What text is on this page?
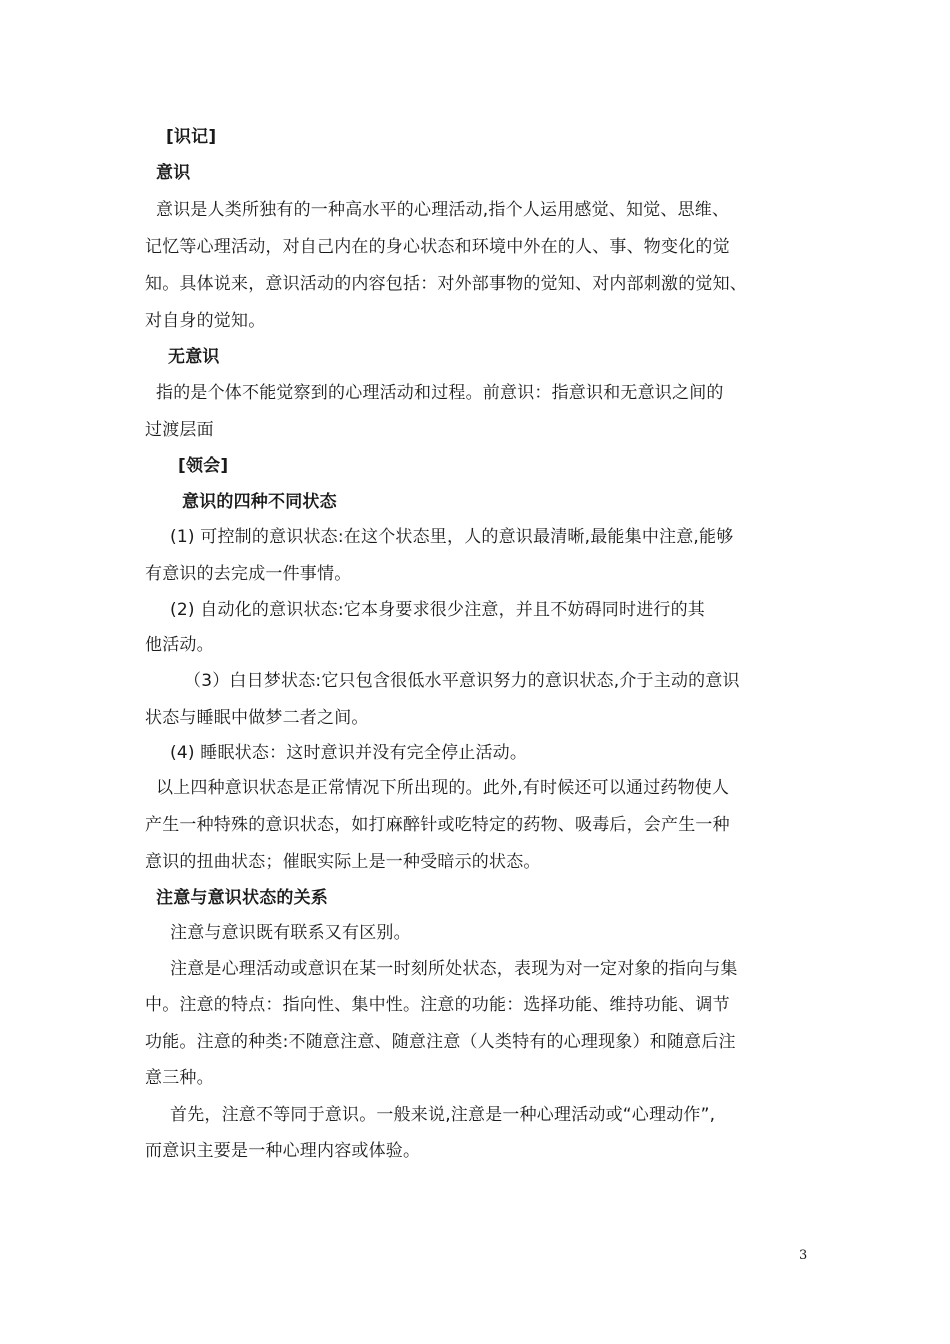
[识记]
意识
意识是人类所独有的一种高水平的心理活动,指个人运用感觉、知觉、思维、
记忆等心理活动，对自己内在的身心状态和环境中外在的人、事、物变化的觉
知。具体说来，意识活动的内容包括：对外部事物的觉知、对内部刺激的觉知、
对自身的觉知。
无意识
指的是个体不能觉察到的心理活动和过程。前意识：指意识和无意识之间的
过渡层面
[领会]
意识的四种不同状态
(1) 可控制的意识状态:在这个状态里，人的意识最清晰,最能集中注意,能够
有意识的去完成一件事情。
(2) 自动化的意识状态:它本身要求很少注意，并且不妨碍同时进行的其
他活动。
（3）白日梦状态:它只包含很低水平意识努力的意识状态,介于主动的意识
状态与睡眠中做梦二者之间。
(4) 睡眠状态：这时意识并没有完全停止活动。
以上四种意识状态是正常情况下所出现的。此外,有时候还可以通过药物使人
产生一种特殊的意识状态，如打麻醉针或吃特定的药物、吸毒后，会产生一种
意识的扭曲状态；催眠实际上是一种受暗示的状态。
注意与意识状态的关系
注意与意识既有联系又有区别。
注意是心理活动或意识在某一时刻所处状态，表现为对一定对象的指向与集
中。注意的特点：指向性、集中性。注意的功能：选择功能、维持功能、调节
功能。注意的种类:不随意注意、随意注意（人类特有的心理现象）和随意后注
意三种。
首先，注意不等同于意识。一般来说,注意是一种心理活动或“心理动作”,
而意识主要是一种心理内容或体验。
3
